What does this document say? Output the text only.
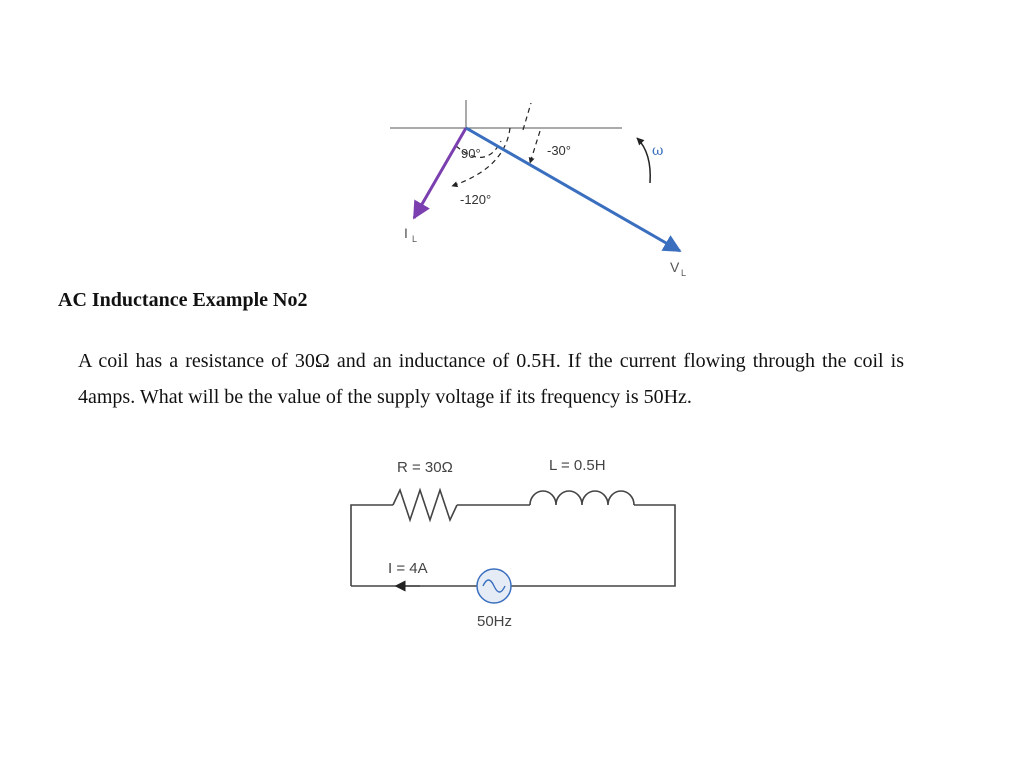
90°	-30°
-120°
ω
I L
V L
AC Inductance Example No2

A coil has a resistance of 30Ω and an inductance of 0.5H. If the current flowing through the coil is 4amps. What will be the value of the supply voltage if its frequency is 50Hz.

R = 30Ω	L = 0.5H
I = 4A
50Hz
